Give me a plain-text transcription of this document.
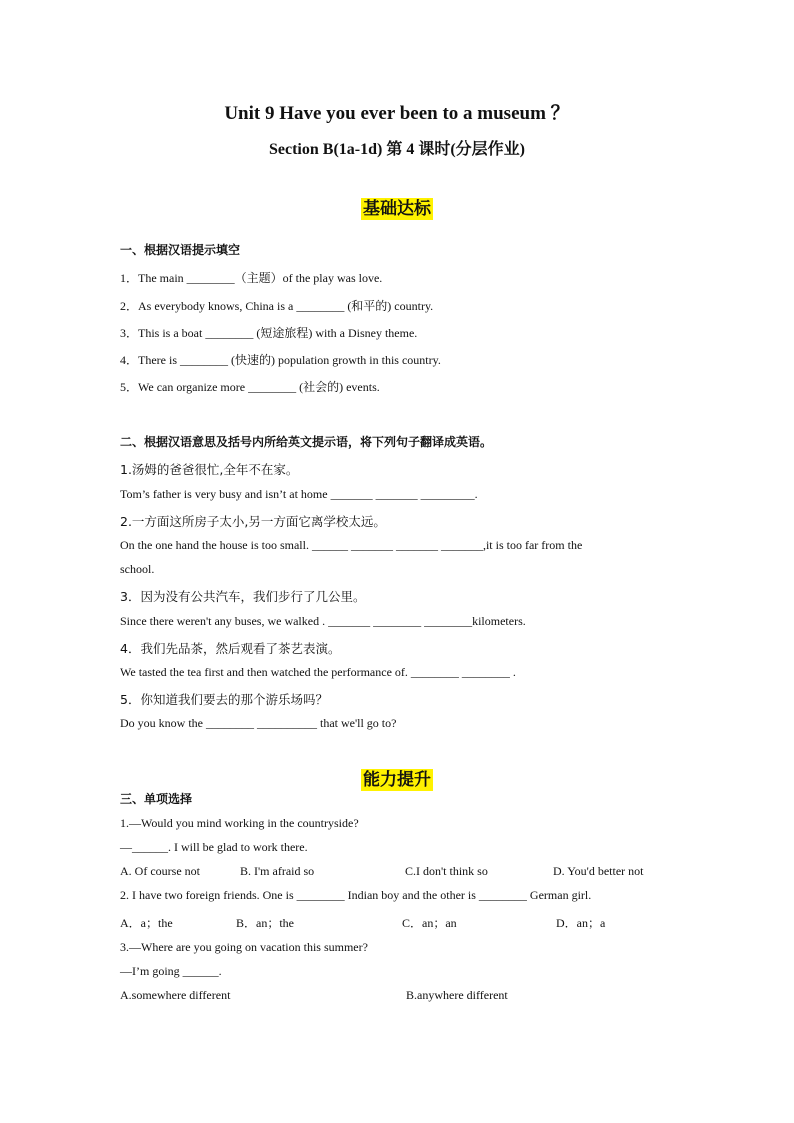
Unit 9 Have you ever been to a museum ？
Section B(1a-1d) 第 4 课时(分层作业)
基础达标
一、根据汉语提示填空
1．The main ________（主题）of the play was love.
2．As everybody knows, China is a ________ (和平的) country.
3．This is a boat ________ (短途旅程) with a Disney theme.
4．There is ________ (快速的) population growth in this country.
5．We can organize more ________ (社会的) events.
二、根据汉语意思及括号内所给英文提示语，将下列句子翻译成英语。
1.汤姆的爸爸很忙,全年不在家。
Tom’s father is very busy and isn’t at home _______ _______ _________.
2.一方面这所房子太小,另一方面它离学校太远。
On the one hand the house is too small. ______ _______ _______ _______,it is too far from the
school.
3．因为没有公共汽车，我们步行了几公里。
Since there weren't any buses, we walked . _______ ________ ________kilometers.
4．我们先品茶，然后观看了茶艺表演。
We tasted the tea first and then watched the performance of. ________ ________ .
5．你知道我们要去的那个游乐场吗？
Do you know the ________ __________ that we'll go to?
能力提升
三、单项选择
1.—Would you mind working in the countryside?
—______. I will be glad to work there.
A. Of course not	B. I'm afraid so	C.I don't think so	D. You'd better not
2. I have two foreign friends. One is ________ Indian boy and the other is ________ German girl.
A．a；the	B．an；the	C．an；an	D．an；a
3.—Where are you going on vacation this summer?
—I’m going ______.
A.somewhere different	B.anywhere different
